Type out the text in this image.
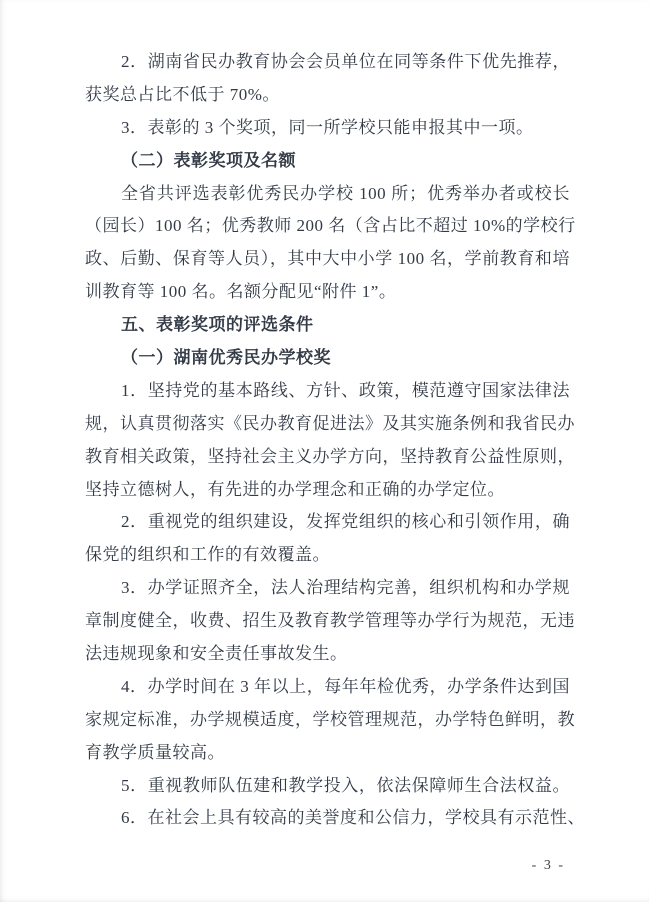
2．湖南省民办教育协会会员单位在同等条件下优先推荐，
获奖总占比不低于 70%。
3．表彰的 3 个奖项，同一所学校只能申报其中一项。
（二）表彰奖项及名额
全省共评选表彰优秀民办学校 100 所；优秀举办者或校长
（园长）100 名；优秀教师 200 名（含占比不超过 10%的学校行
政、后勤、保育等人员），其中大中小学 100 名，学前教育和培
训教育等 100 名。名额分配见“附件 1”。
五、表彰奖项的评选条件
（一）湖南优秀民办学校奖
1．坚持党的基本路线、方针、政策，模范遵守国家法律法
规，认真贯彻落实《民办教育促进法》及其实施条例和我省民办
教育相关政策，坚持社会主义办学方向，坚持教育公益性原则，
坚持立德树人，有先进的办学理念和正确的办学定位。
2．重视党的组织建设，发挥党组织的核心和引领作用，确
保党的组织和工作的有效覆盖。
3．办学证照齐全，法人治理结构完善，组织机构和办学规
章制度健全，收费、招生及教育教学管理等办学行为规范，无违
法违规现象和安全责任事故发生。
4．办学时间在 3 年以上，每年年检优秀，办学条件达到国
家规定标准，办学规模适度，学校管理规范，办学特色鲜明，教
育教学质量较高。
5．重视教师队伍建和教学投入，依法保障师生合法权益。
6．在社会上具有较高的美誉度和公信力，学校具有示范性、
- 3 -
